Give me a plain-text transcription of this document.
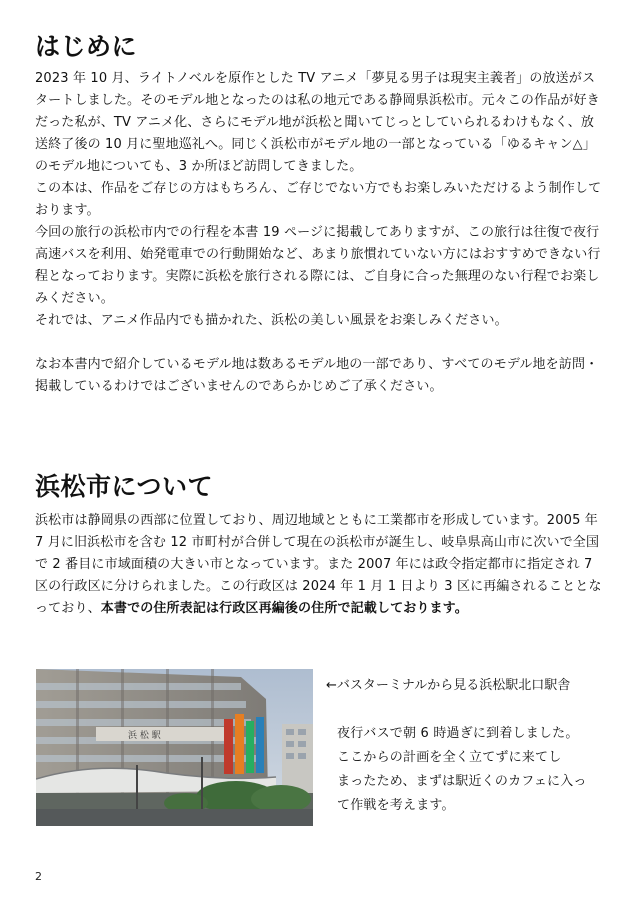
はじめに

2023 年 10 月、ライトノベルを原作とした TV アニメ「夢見る男子は現実主義者」の放送がスタートしました。そのモデル地となったのは私の地元である静岡県浜松市。元々この作品が好きだった私が、TV アニメ化、さらにモデル地が浜松と聞いてじっとしていられるわけもなく、放送終了後の 10 月に聖地巡礼へ。同じく浜松市がモデル地の一部となっている「ゆるキャン△」のモデル地についても、3 か所ほど訪問してきました。

この本は、作品をご存じの方はもちろん、ご存じでない方でもお楽しみいただけるよう制作しております。

今回の旅行の浜松市内での行程を本書 19 ページに掲載してありますが、この旅行は往復で夜行高速バスを利用、始発電車での行動開始など、あまり旅慣れていない方にはおすすめできない行程となっております。実際に浜松を旅行される際には、ご自身に合った無理のない行程でお楽しみください。

それでは、アニメ作品内でも描かれた、浜松の美しい風景をお楽しみください。

なお本書内で紹介しているモデル地は数あるモデル地の一部であり、すべてのモデル地を訪問・掲載しているわけではございませんのであらかじめご了承ください。

浜松市について

浜松市は静岡県の西部に位置しており、周辺地域とともに工業都市を形成しています。2005 年 7 月に旧浜松市を含む 12 市町村が合併して現在の浜松市が誕生し、岐阜県高山市に次いで全国で 2 番目に市域面積の大きい市となっています。また 2007 年には政令指定都市に指定され 7 区の行政区に分けられました。この行政区は 2024 年 1 月 1 日より 3 区に再編されることとなっており、本書での住所表記は行政区再編後の住所で記載しております。

浜 松 駅
←バスターミナルから見る浜松駅北口駅舎

夜行バスで朝 6 時過ぎに到着しました。

ここからの計画を全く立てずに来てし

まったため、まずは駅近くのカフェに入っ

て作戦を考えます。

2
